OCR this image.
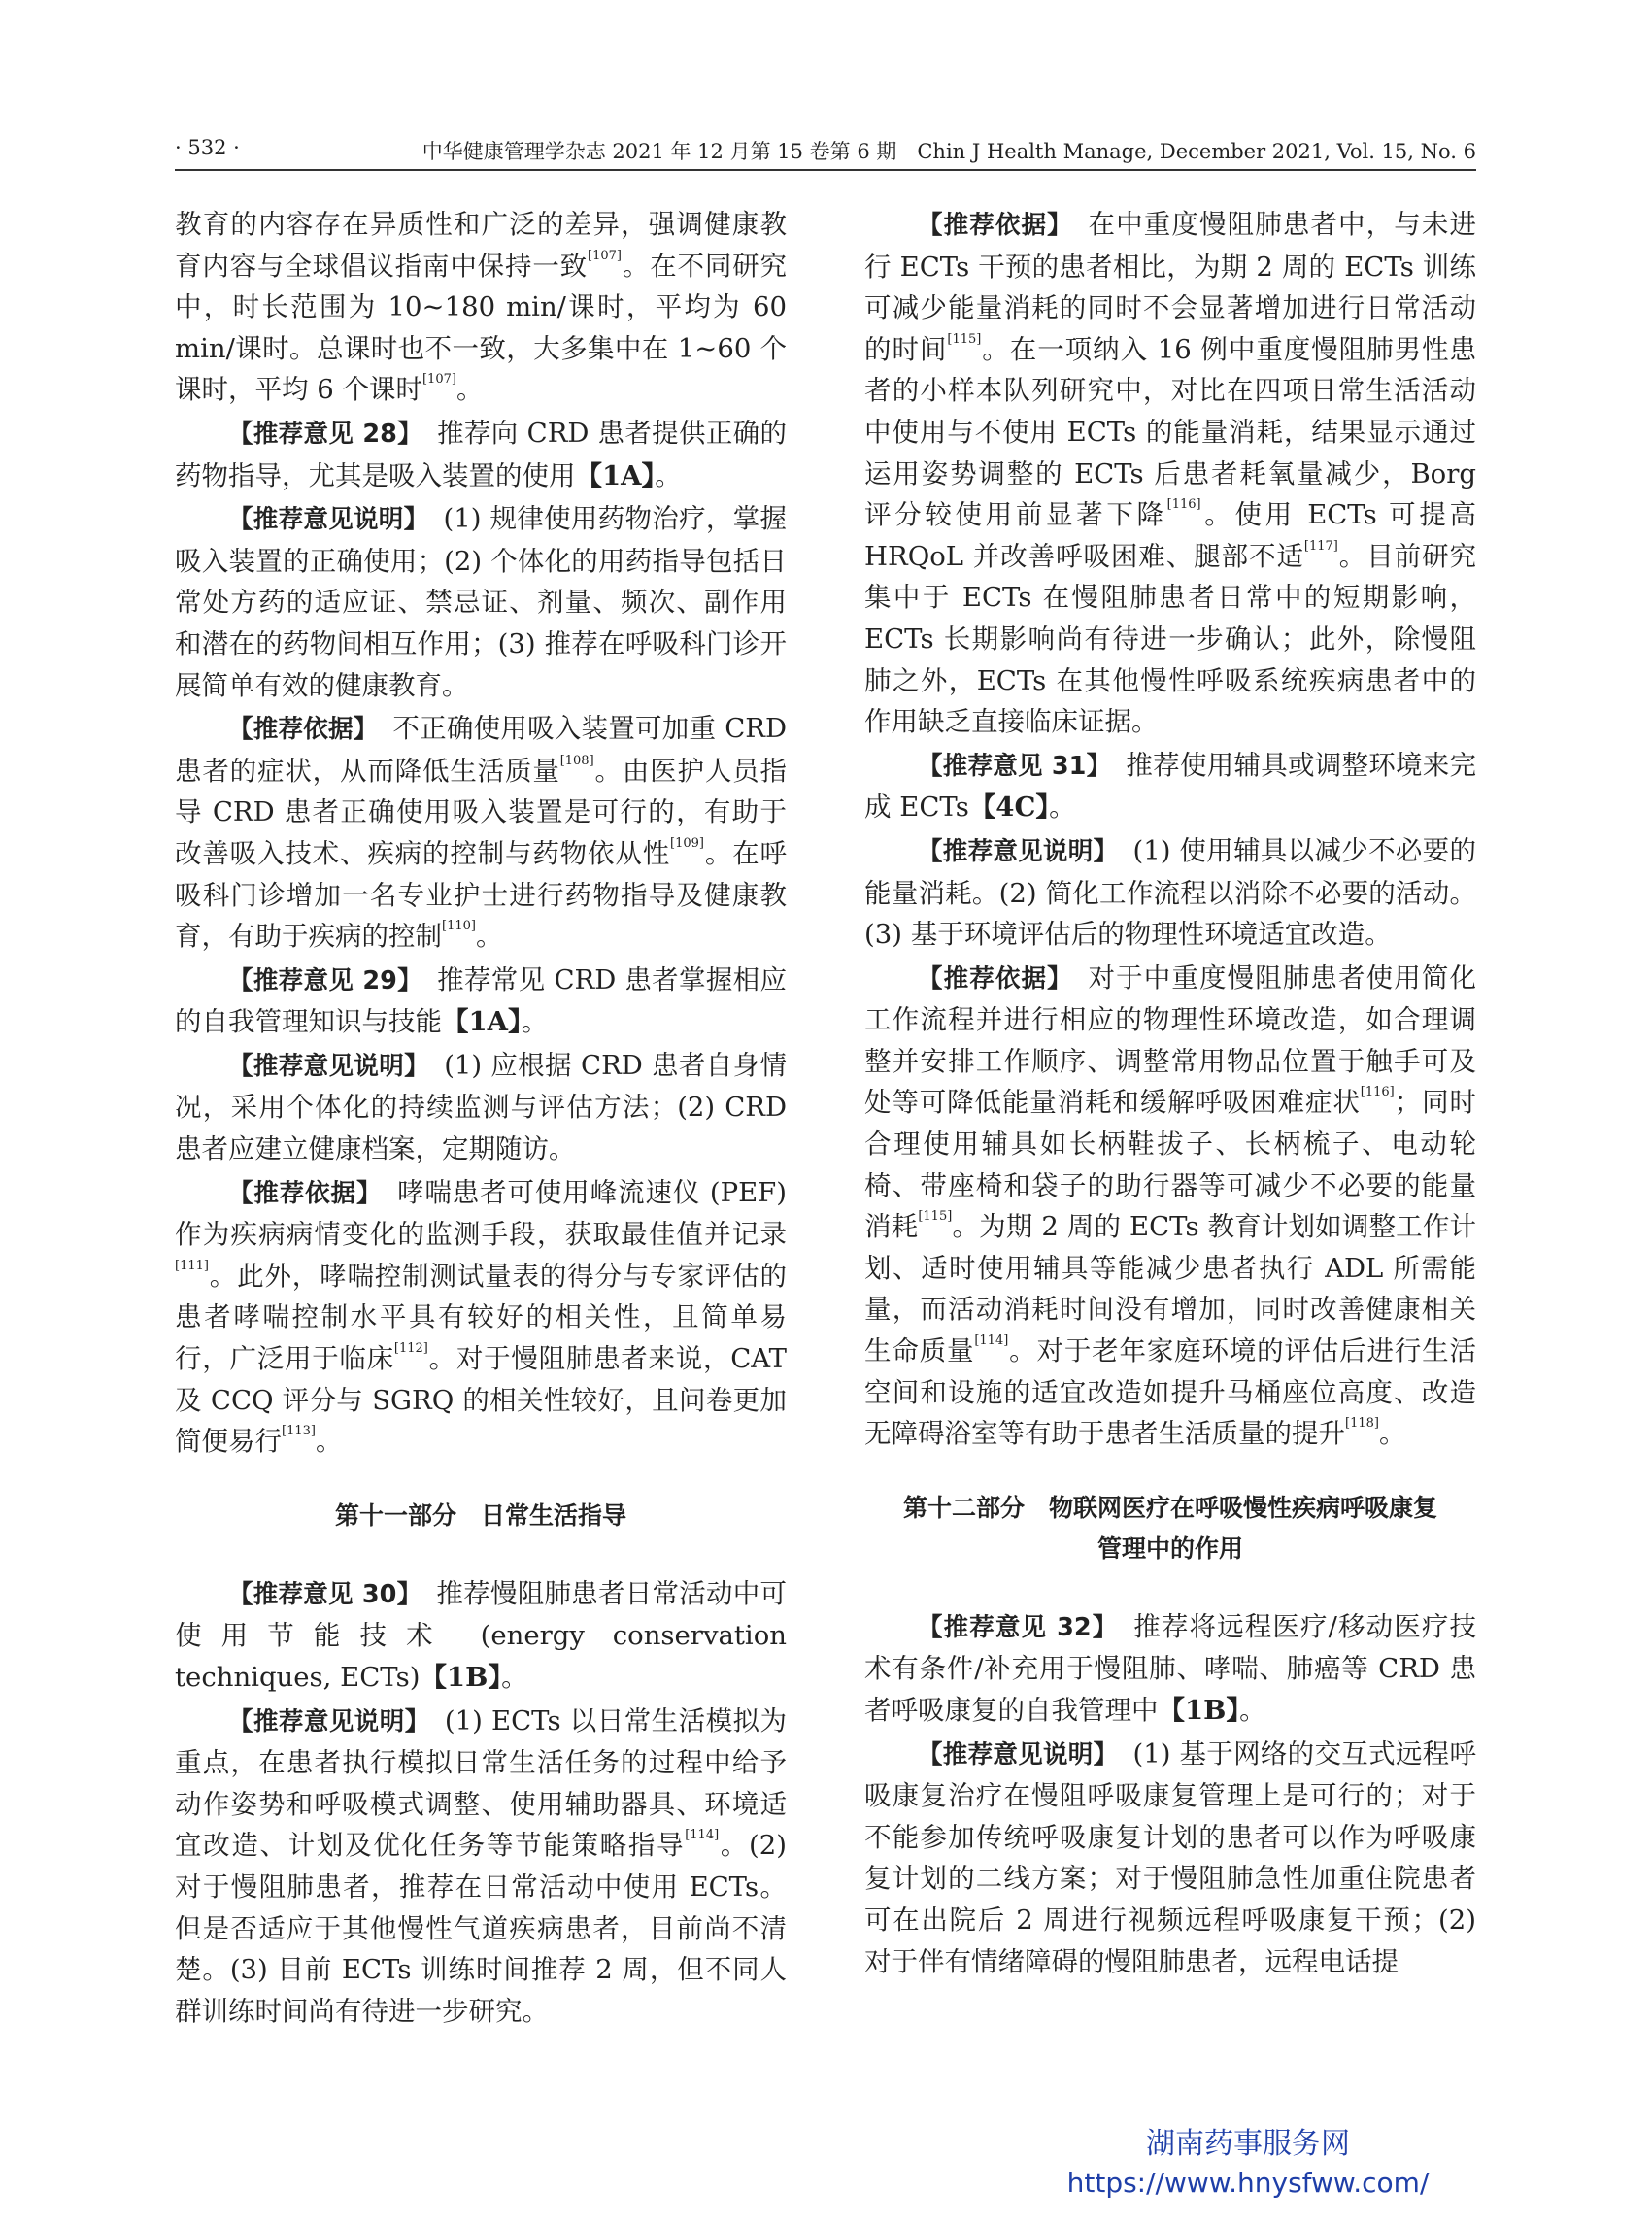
· 532 ·	中华健康管理学杂志 2021 年 12 月第 15 卷第 6 期　Chin J Health Manage, December 2021, Vol. 15, No. 6

教育的内容存在异质性和广泛的差异，强调健康教育内容与全球倡议指南中保持一致[107]。在不同研究中，时长范围为 10~180 min/课时，平均为 60 min/课时。总课时也不一致，大多集中在 1~60 个课时，平均 6 个课时[107]。

【推荐意见 28】　推荐向 CRD 患者提供正确的药物指导，尤其是吸入装置的使用【1A】。

【推荐意见说明】　(1) 规律使用药物治疗，掌握吸入装置的正确使用；(2) 个体化的用药指导包括日常处方药的适应证、禁忌证、剂量、频次、副作用和潜在的药物间相互作用；(3) 推荐在呼吸科门诊开展简单有效的健康教育。

【推荐依据】　不正确使用吸入装置可加重 CRD 患者的症状，从而降低生活质量[108]。由医护人员指导 CRD 患者正确使用吸入装置是可行的，有助于改善吸入技术、疾病的控制与药物依从性[109]。在呼吸科门诊增加一名专业护士进行药物指导及健康教育，有助于疾病的控制[110]。

【推荐意见 29】　推荐常见 CRD 患者掌握相应的自我管理知识与技能【1A】。

【推荐意见说明】　(1) 应根据 CRD 患者自身情况，采用个体化的持续监测与评估方法；(2) CRD 患者应建立健康档案，定期随访。

【推荐依据】　哮喘患者可使用峰流速仪 (PEF) 作为疾病病情变化的监测手段，获取最佳值并记录[111]。此外，哮喘控制测试量表的得分与专家评估的患者哮喘控制水平具有较好的相关性，且简单易行，广泛用于临床[112]。对于慢阻肺患者来说，CAT 及 CCQ 评分与 SGRQ 的相关性较好，且问卷更加简便易行[113]。

第十一部分　日常生活指导

【推荐意见 30】　推荐慢阻肺患者日常活动中可使用节能技术 (energy conservation techniques, ECTs)【1B】。

【推荐意见说明】　(1) ECTs 以日常生活模拟为重点，在患者执行模拟日常生活任务的过程中给予动作姿势和呼吸模式调整、使用辅助器具、环境适宜改造、计划及优化任务等节能策略指导[114]。(2) 对于慢阻肺患者，推荐在日常活动中使用 ECTs。但是否适应于其他慢性气道疾病患者，目前尚不清楚。(3) 目前 ECTs 训练时间推荐 2 周，但不同人群训练时间尚有待进一步研究。

【推荐依据】　在中重度慢阻肺患者中，与未进行 ECTs 干预的患者相比，为期 2 周的 ECTs 训练可减少能量消耗的同时不会显著增加进行日常活动的时间[115]。在一项纳入 16 例中重度慢阻肺男性患者的小样本队列研究中，对比在四项日常生活活动中使用与不使用 ECTs 的能量消耗，结果显示通过运用姿势调整的 ECTs 后患者耗氧量减少，Borg 评分较使用前显著下降[116]。使用 ECTs 可提高 HRQoL 并改善呼吸困难、腿部不适[117]。目前研究集中于 ECTs 在慢阻肺患者日常中的短期影响，ECTs 长期影响尚有待进一步确认；此外，除慢阻肺之外，ECTs 在其他慢性呼吸系统疾病患者中的作用缺乏直接临床证据。

【推荐意见 31】　推荐使用辅具或调整环境来完成 ECTs【4C】。

【推荐意见说明】　(1) 使用辅具以减少不必要的能量消耗。(2) 简化工作流程以消除不必要的活动。(3) 基于环境评估后的物理性环境适宜改造。

【推荐依据】　对于中重度慢阻肺患者使用简化工作流程并进行相应的物理性环境改造，如合理调整并安排工作顺序、调整常用物品位置于触手可及处等可降低能量消耗和缓解呼吸困难症状[116]；同时合理使用辅具如长柄鞋拔子、长柄梳子、电动轮椅、带座椅和袋子的助行器等可减少不必要的能量消耗[115]。为期 2 周的 ECTs 教育计划如调整工作计划、适时使用辅具等能减少患者执行 ADL 所需能量，而活动消耗时间没有增加，同时改善健康相关生命质量[114]。对于老年家庭环境的评估后进行生活空间和设施的适宜改造如提升马桶座位高度、改造无障碍浴室等有助于患者生活质量的提升[118]。

第十二部分　物联网医疗在呼吸慢性疾病呼吸康复
管理中的作用

【推荐意见 32】　推荐将远程医疗/移动医疗技术有条件/补充用于慢阻肺、哮喘、肺癌等 CRD 患者呼吸康复的自我管理中【1B】。

【推荐意见说明】　(1) 基于网络的交互式远程呼吸康复治疗在慢阻呼吸康复管理上是可行的；对于不能参加传统呼吸康复计划的患者可以作为呼吸康复计划的二线方案；对于慢阻肺急性加重住院患者可在出院后 2 周进行视频远程呼吸康复干预；(2) 对于伴有情绪障碍的慢阻肺患者，远程电话提

湖南药事服务网
https://www.hnysfww.com/
